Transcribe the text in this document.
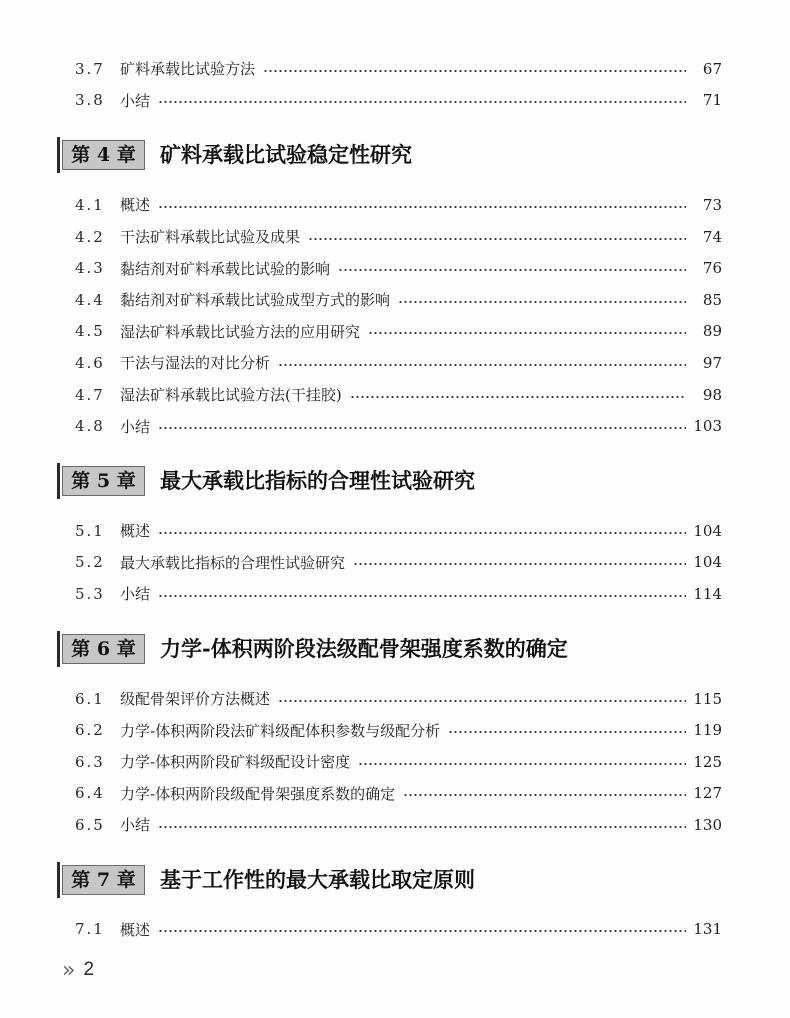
3.7	矿料承载比试验方法	67
3.8	小结	71
第 4 章	矿料承载比试验稳定性研究
4.1	概述	73
4.2	干法矿料承载比试验及成果	74
4.3	黏结剂对矿料承载比试验的影响	76
4.4	黏结剂对矿料承载比试验成型方式的影响	85
4.5	湿法矿料承载比试验方法的应用研究	89
4.6	干法与湿法的对比分析	97
4.7	湿法矿料承载比试验方法(干挂胶)	98
4.8	小结	103
第 5 章	最大承载比指标的合理性试验研究
5.1	概述	104
5.2	最大承载比指标的合理性试验研究	104
5.3	小结	114
第 6 章	力学-体积两阶段法级配骨架强度系数的确定
6.1	级配骨架评价方法概述	115
6.2	力学-体积两阶段法矿料级配体积参数与级配分析	119
6.3	力学-体积两阶段矿料级配设计密度	125
6.4	力学-体积两阶段级配骨架强度系数的确定	127
6.5	小结	130
第 7 章	基于工作性的最大承载比取定原则
7.1	概述	131
» 2
